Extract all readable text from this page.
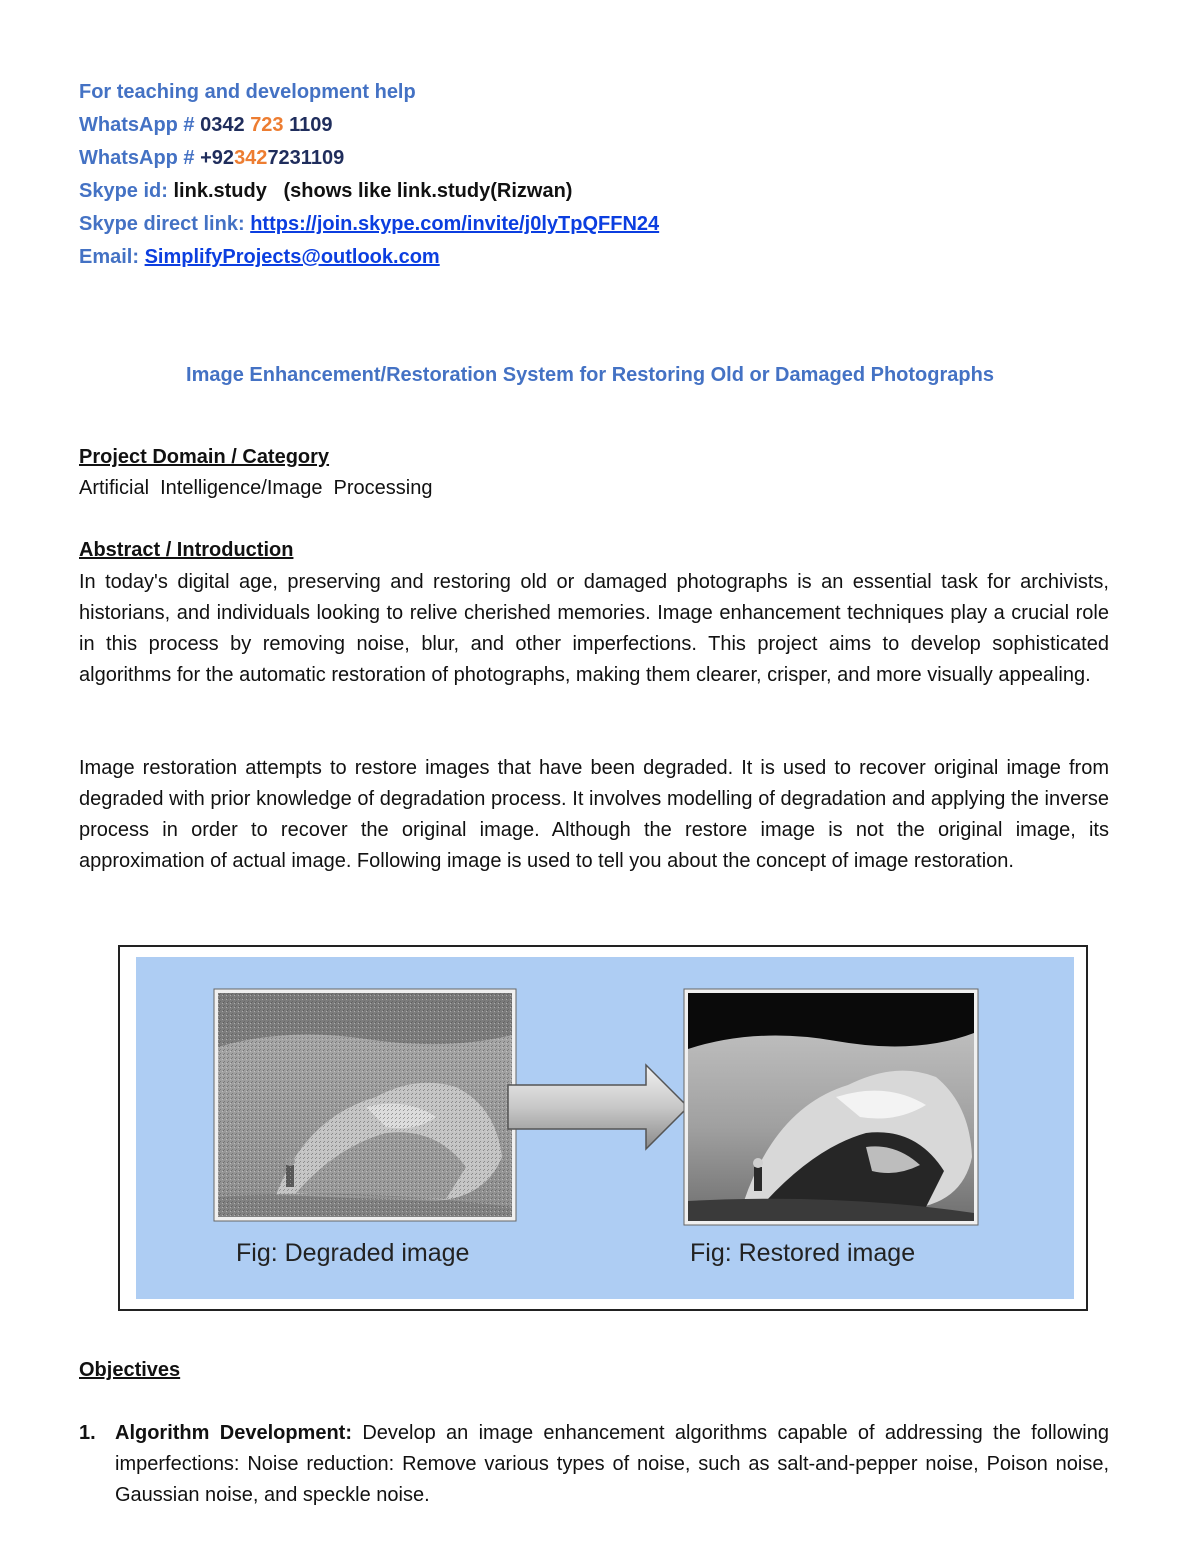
For teaching and development help
WhatsApp # 0342 723 1109
WhatsApp # +923427231109
Skype id: link.study   (shows like link.study(Rizwan)
Skype direct link: https://join.skype.com/invite/j0lyTpQFFN24
Email: SimplifyProjects@outlook.com
Image Enhancement/Restoration System for Restoring Old or Damaged Photographs
Project Domain / Category
Artificial  Intelligence/Image  Processing
Abstract / Introduction
In today's digital age, preserving and restoring old or damaged photographs is an essential task for archivists, historians, and individuals looking to relive cherished memories. Image enhancement techniques play a crucial role in this process by removing noise, blur, and other imperfections. This project aims to develop sophisticated algorithms for the automatic restoration of photographs, making them clearer, crisper, and more visually appealing.
Image restoration attempts to restore images that have been degraded. It is used to recover original image from degraded with prior knowledge of degradation process. It involves modelling of degradation and applying the inverse process in order to recover the original image. Although the restore image is not the original image, its approximation of actual image. Following image is used to tell you about the concept of image restoration.
Fig: Degraded image	Fig: Restored image
Objectives
1. Algorithm Development: Develop an image enhancement algorithms capable of addressing the following imperfections: Noise reduction: Remove various types of noise, such as salt-and-pepper noise, Poison noise, Gaussian noise, and speckle noise.
